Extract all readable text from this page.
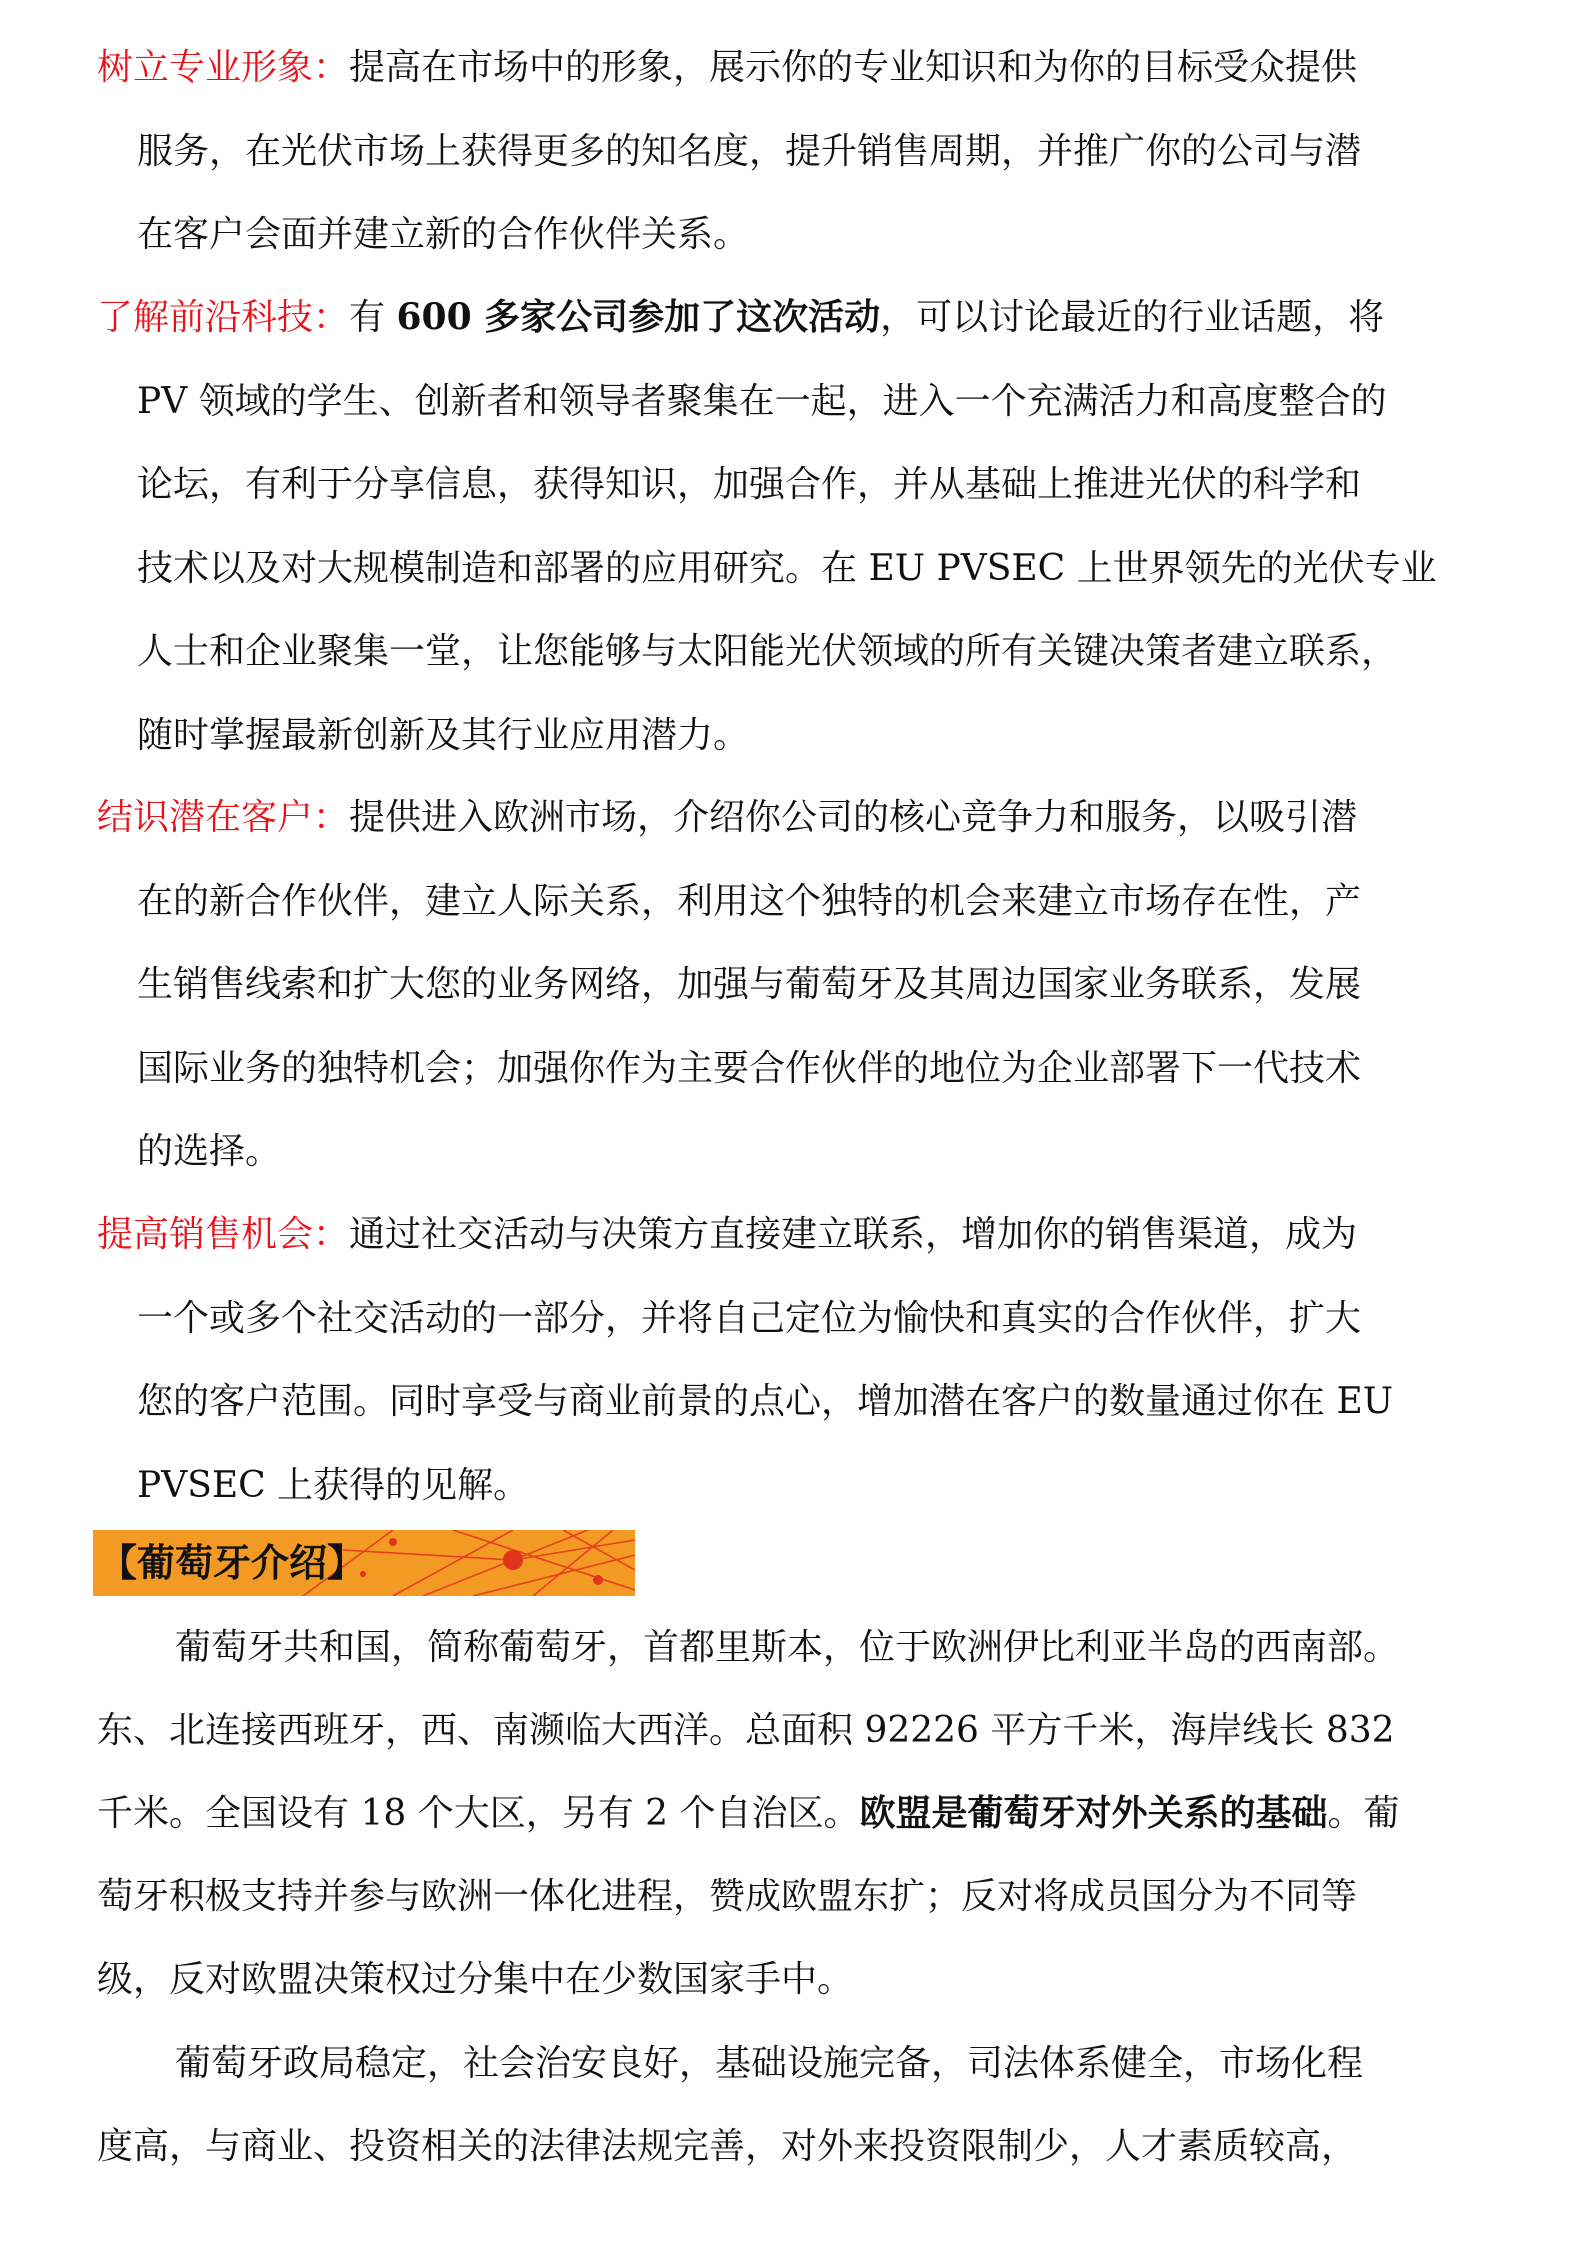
树立专业形象：提高在市场中的形象，展示你的专业知识和为你的目标受众提供
服务，在光伏市场上获得更多的知名度，提升销售周期，并推广你的公司与潜
在客户会面并建立新的合作伙伴关系。
了解前沿科技：有 600 多家公司参加了这次活动，可以讨论最近的行业话题，将
PV 领域的学生、创新者和领导者聚集在一起，进入一个充满活力和高度整合的
论坛，有利于分享信息，获得知识，加强合作，并从基础上推进光伏的科学和
技术以及对大规模制造和部署的应用研究。在 EU PVSEC 上世界领先的光伏专业
人士和企业聚集一堂，让您能够与太阳能光伏领域的所有关键决策者建立联系，
随时掌握最新创新及其行业应用潜力。
结识潜在客户：提供进入欧洲市场，介绍你公司的核心竞争力和服务，以吸引潜
在的新合作伙伴，建立人际关系，利用这个独特的机会来建立市场存在性，产
生销售线索和扩大您的业务网络，加强与葡萄牙及其周边国家业务联系，发展
国际业务的独特机会；加强你作为主要合作伙伴的地位为企业部署下一代技术
的选择。
提高销售机会：通过社交活动与决策方直接建立联系，增加你的销售渠道，成为
一个或多个社交活动的一部分，并将自己定位为愉快和真实的合作伙伴，扩大
您的客户范围。同时享受与商业前景的点心，增加潜在客户的数量通过你在 EU
PVSEC 上获得的见解。
【葡萄牙介绍】
葡萄牙共和国，简称葡萄牙，首都里斯本，位于欧洲伊比利亚半岛的西南部。
东、北连接西班牙，西、南濒临大西洋。总面积 92226 平方千米，海岸线长 832
千米。全国设有 18 个大区，另有 2 个自治区。欧盟是葡萄牙对外关系的基础。葡
萄牙积极支持并参与欧洲一体化进程，赞成欧盟东扩；反对将成员国分为不同等
级，反对欧盟决策权过分集中在少数国家手中。
葡萄牙政局稳定，社会治安良好，基础设施完备，司法体系健全，市场化程
度高，与商业、投资相关的法律法规完善，对外来投资限制少，人才素质较高，
